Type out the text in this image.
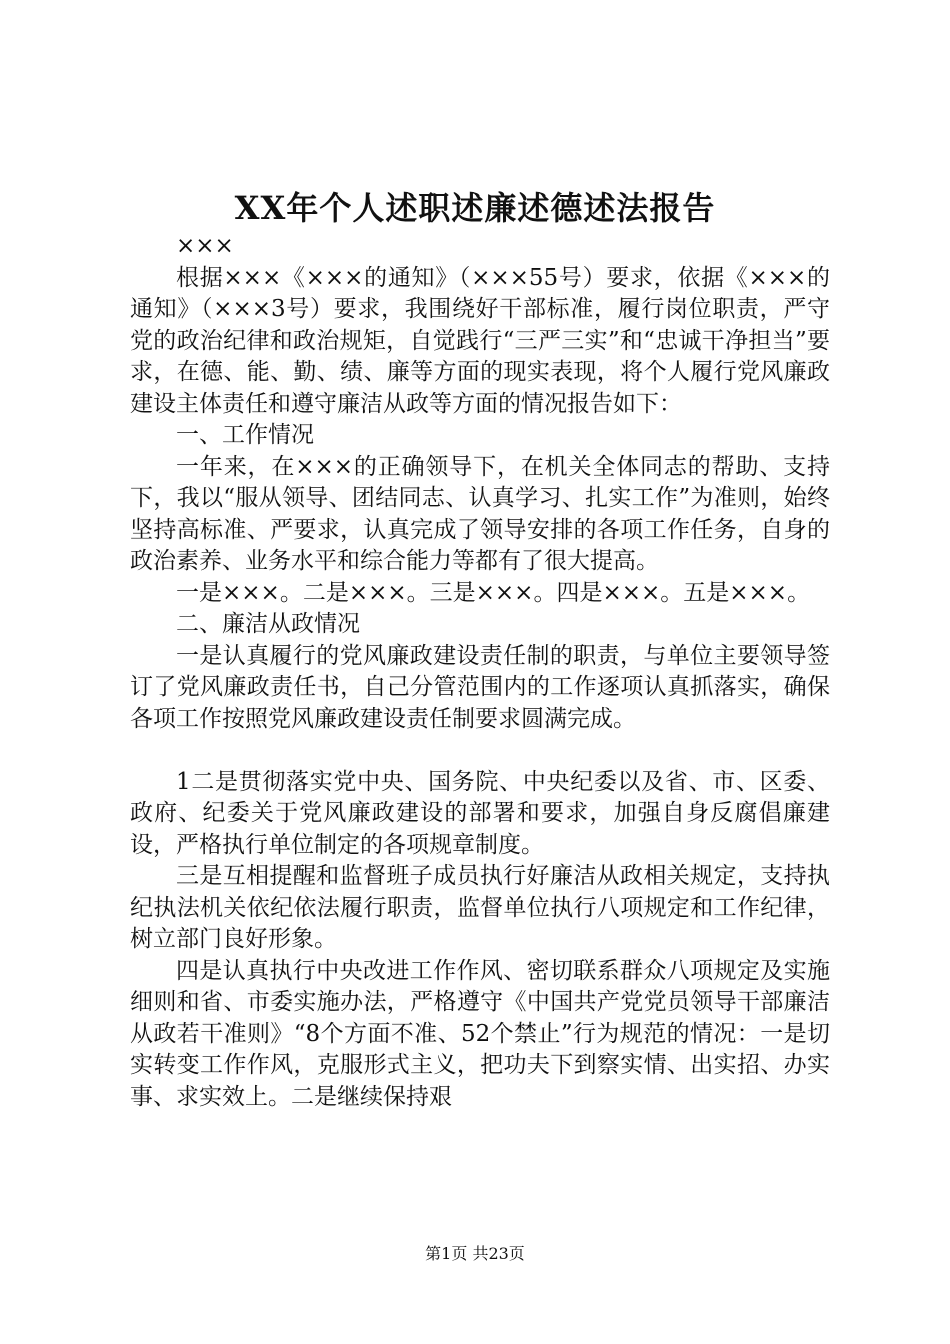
XX年个人述职述廉述德述法报告

×××

根据×××《×××的通知》（×××55号）要求，依据《×××的通知》（×××3号）要求，我围绕好干部标准，履行岗位职责，严守党的政治纪律和政治规矩，自觉践行“三严三实”和“忠诚干净担当”要求，在德、能、勤、绩、廉等方面的现实表现，将个人履行党风廉政建设主体责任和遵守廉洁从政等方面的情况报告如下：

一、工作情况

一年来，在×××的正确领导下，在机关全体同志的帮助、支持下，我以“服从领导、团结同志、认真学习、扎实工作”为准则，始终坚持高标准、严要求，认真完成了领导安排的各项工作任务，自身的政治素养、业务水平和综合能力等都有了很大提高。

一是×××。二是×××。三是×××。四是×××。五是×××。

二、廉洁从政情况

一是认真履行的党风廉政建设责任制的职责，与单位主要领导签订了党风廉政责任书，自己分管范围内的工作逐项认真抓落实，确保各项工作按照党风廉政建设责任制要求圆满完成。

1二是贯彻落实党中央、国务院、中央纪委以及省、市、区委、政府、纪委关于党风廉政建设的部署和要求，加强自身反腐倡廉建设，严格执行单位制定的各项规章制度。

三是互相提醒和监督班子成员执行好廉洁从政相关规定，支持执纪执法机关依纪依法履行职责，监督单位执行八项规定和工作纪律，树立部门良好形象。

四是认真执行中央改进工作作风、密切联系群众八项规定及实施细则和省、市委实施办法，严格遵守《中国共产党党员领导干部廉洁从政若干准则》“8个方面不准、52个禁止”行为规范的情况：一是切实转变工作作风，克服形式主义，把功夫下到察实情、出实招、办实事、求实效上。二是继续保持艰

第1页 共23页
